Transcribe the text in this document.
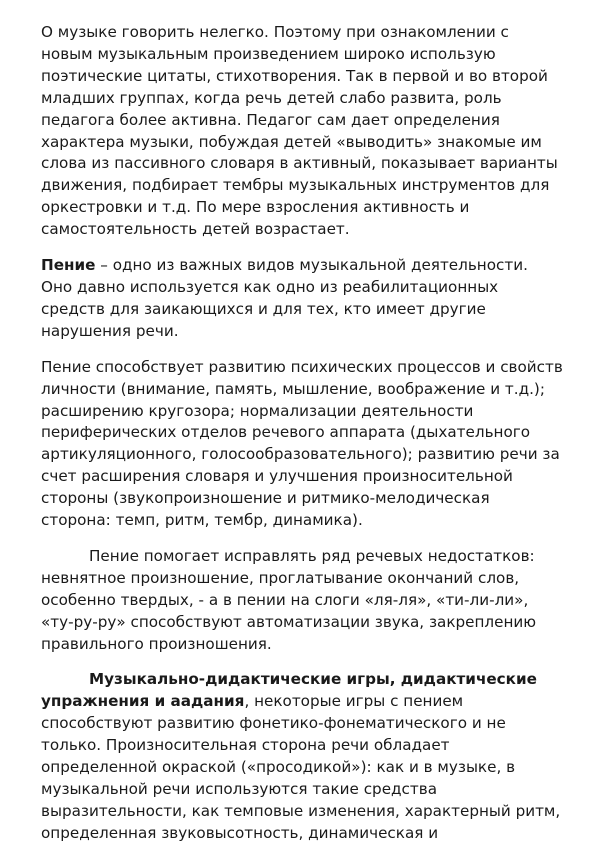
О музыке говорить нелегко. Поэтому при ознакомлении с новым музыкальным произведением широко использую поэтические цитаты, стихотворения. Так в первой и во второй младших группах, когда речь детей слабо развита, роль педагога более активна. Педагог сам дает определения характера музыки, побуждая детей «выводить» знакомые им слова из пассивного словаря в активный, показывает варианты движения, подбирает тембры музыкальных инструментов для оркестровки и т.д. По мере взросления активность и самостоятельность детей возрастает.

Пение – одно из важных видов музыкальной деятельности. Оно давно используется как одно из реабилитационных средств для заикающихся и для тех, кто имеет другие нарушения речи.

Пение способствует развитию психических процессов и свойств личности (внимание, память, мышление, воображение и т.д.); расширению кругозора; нормализации деятельности периферических отделов речевого аппарата (дыхательного артикуляционного, голосообразовательного); развитию речи за счет расширения словаря и улучшения произносительной стороны (звукопроизношение и ритмико-мелодическая сторона: темп, ритм, тембр, динамика).

Пение помогает исправлять ряд речевых недостатков: невнятное произношение, проглатывание окончаний слов, особенно твердых, - а в пении на слоги «ля-ля», «ти-ли-ли», «ту-ру-ру» способствуют автоматизации звука, закреплению правильного произношения.

Музыкально-дидактические игры, дидактические упражнения и аадания, некоторые игры с пением способствуют развитию фонетико-фонематического и не только. Произносительная сторона речи обладает определенной окраской («просодикой»): как и в музыке, в музыкальной речи используются такие средства выразительности, как темповые изменения, характерный ритм, определенная звуковысотность, динамическая и
